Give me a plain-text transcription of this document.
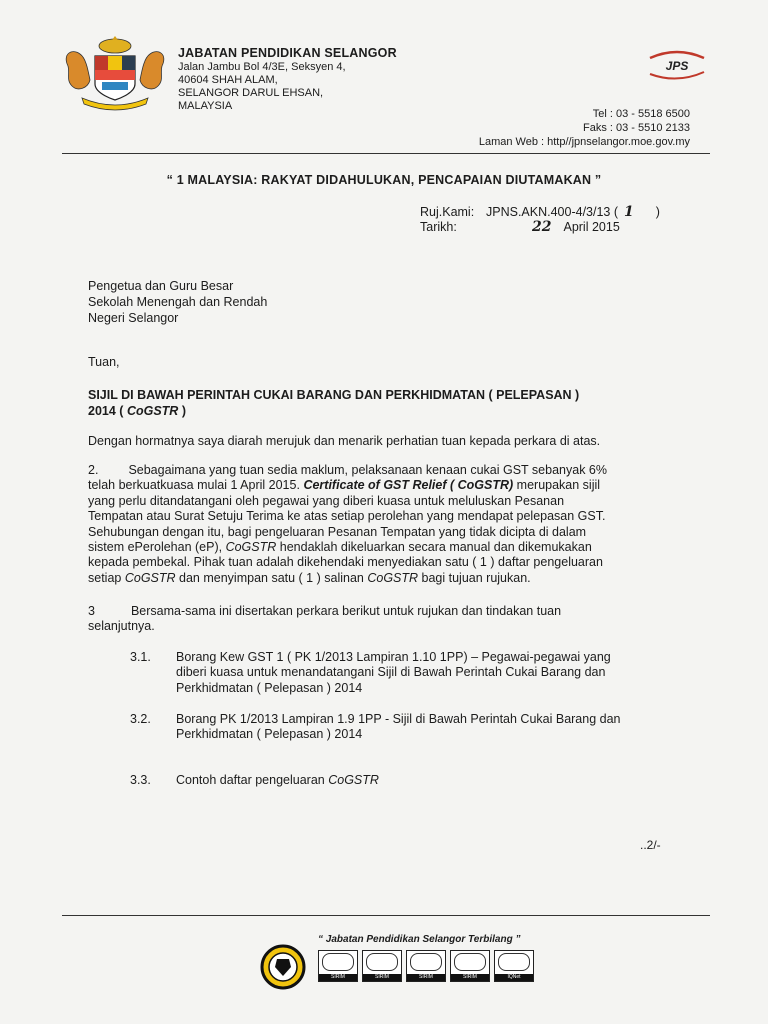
JABATAN PENDIDIKAN SELANGOR
Jalan Jambu Bol 4/3E, Seksyen 4,
40604 SHAH ALAM,
SELANGOR DARUL EHSAN,
MALAYSIA
JPS
Tel : 03 - 5518 6500
Faks : 03 - 5510 2133
Laman Web : http//jpnselangor.moe.gov.my
“ 1 MALAYSIA: RAKYAT DIDAHULUKAN, PENCAPAIAN DIUTAMAKAN ”
Ruj.Kami: JPNS.AKN.400-4/3/13 ( 1 )
Tarikh:	22 April 2015
Pengetua dan Guru Besar
Sekolah Menengah dan Rendah
Negeri Selangor
Tuan,
SIJIL DI BAWAH PERINTAH CUKAI BARANG DAN PERKHIDMATAN ( PELEPASAN )
2014 ( CoGSTR )
Dengan hormatnya saya diarah merujuk dan menarik perhatian tuan kepada perkara di atas.
2. Sebagaimana yang tuan sedia maklum, pelaksanaan kenaan cukai GST sebanyak 6%
telah berkuatkuasa mulai 1 April 2015. Certificate of GST Relief ( CoGSTR) merupakan sijil
yang perlu ditandatangani oleh pegawai yang diberi kuasa untuk meluluskan Pesanan
Tempatan atau Surat Setuju Terima ke atas setiap perolehan yang mendapat pelepasan GST.
Sehubungan dengan itu, bagi pengeluaran Pesanan Tempatan yang tidak dicipta di dalam
sistem ePerolehan (eP), CoGSTR hendaklah dikeluarkan secara manual dan dikemukakan
kepada pembekal. Pihak tuan adalah dikehendaki menyediakan satu ( 1 ) daftar pengeluaran
setiap CoGSTR dan menyimpan satu ( 1 ) salinan CoGSTR bagi tujuan rujukan.
3	Bersama-sama ini disertakan perkara berikut untuk rujukan dan tindakan tuan
selanjutnya.
3.1. Borang Kew GST 1 ( PK 1/2013 Lampiran 1.10 1PP) – Pegawai-pegawai yang
diberi kuasa untuk menandatangani Sijil di Bawah Perintah Cukai Barang dan
Perkhidmatan ( Pelepasan ) 2014
3.2. Borang PK 1/2013 Lampiran 1.9 1PP - Sijil di Bawah Perintah Cukai Barang dan
Perkhidmatan ( Pelepasan ) 2014
3.3. Contoh daftar pengeluaran CoGSTR
..2/-
“ Jabatan Pendidikan Selangor Terbilang ”
SIRIM	SIRIM	SIRIM	SIRIM	IQNet
